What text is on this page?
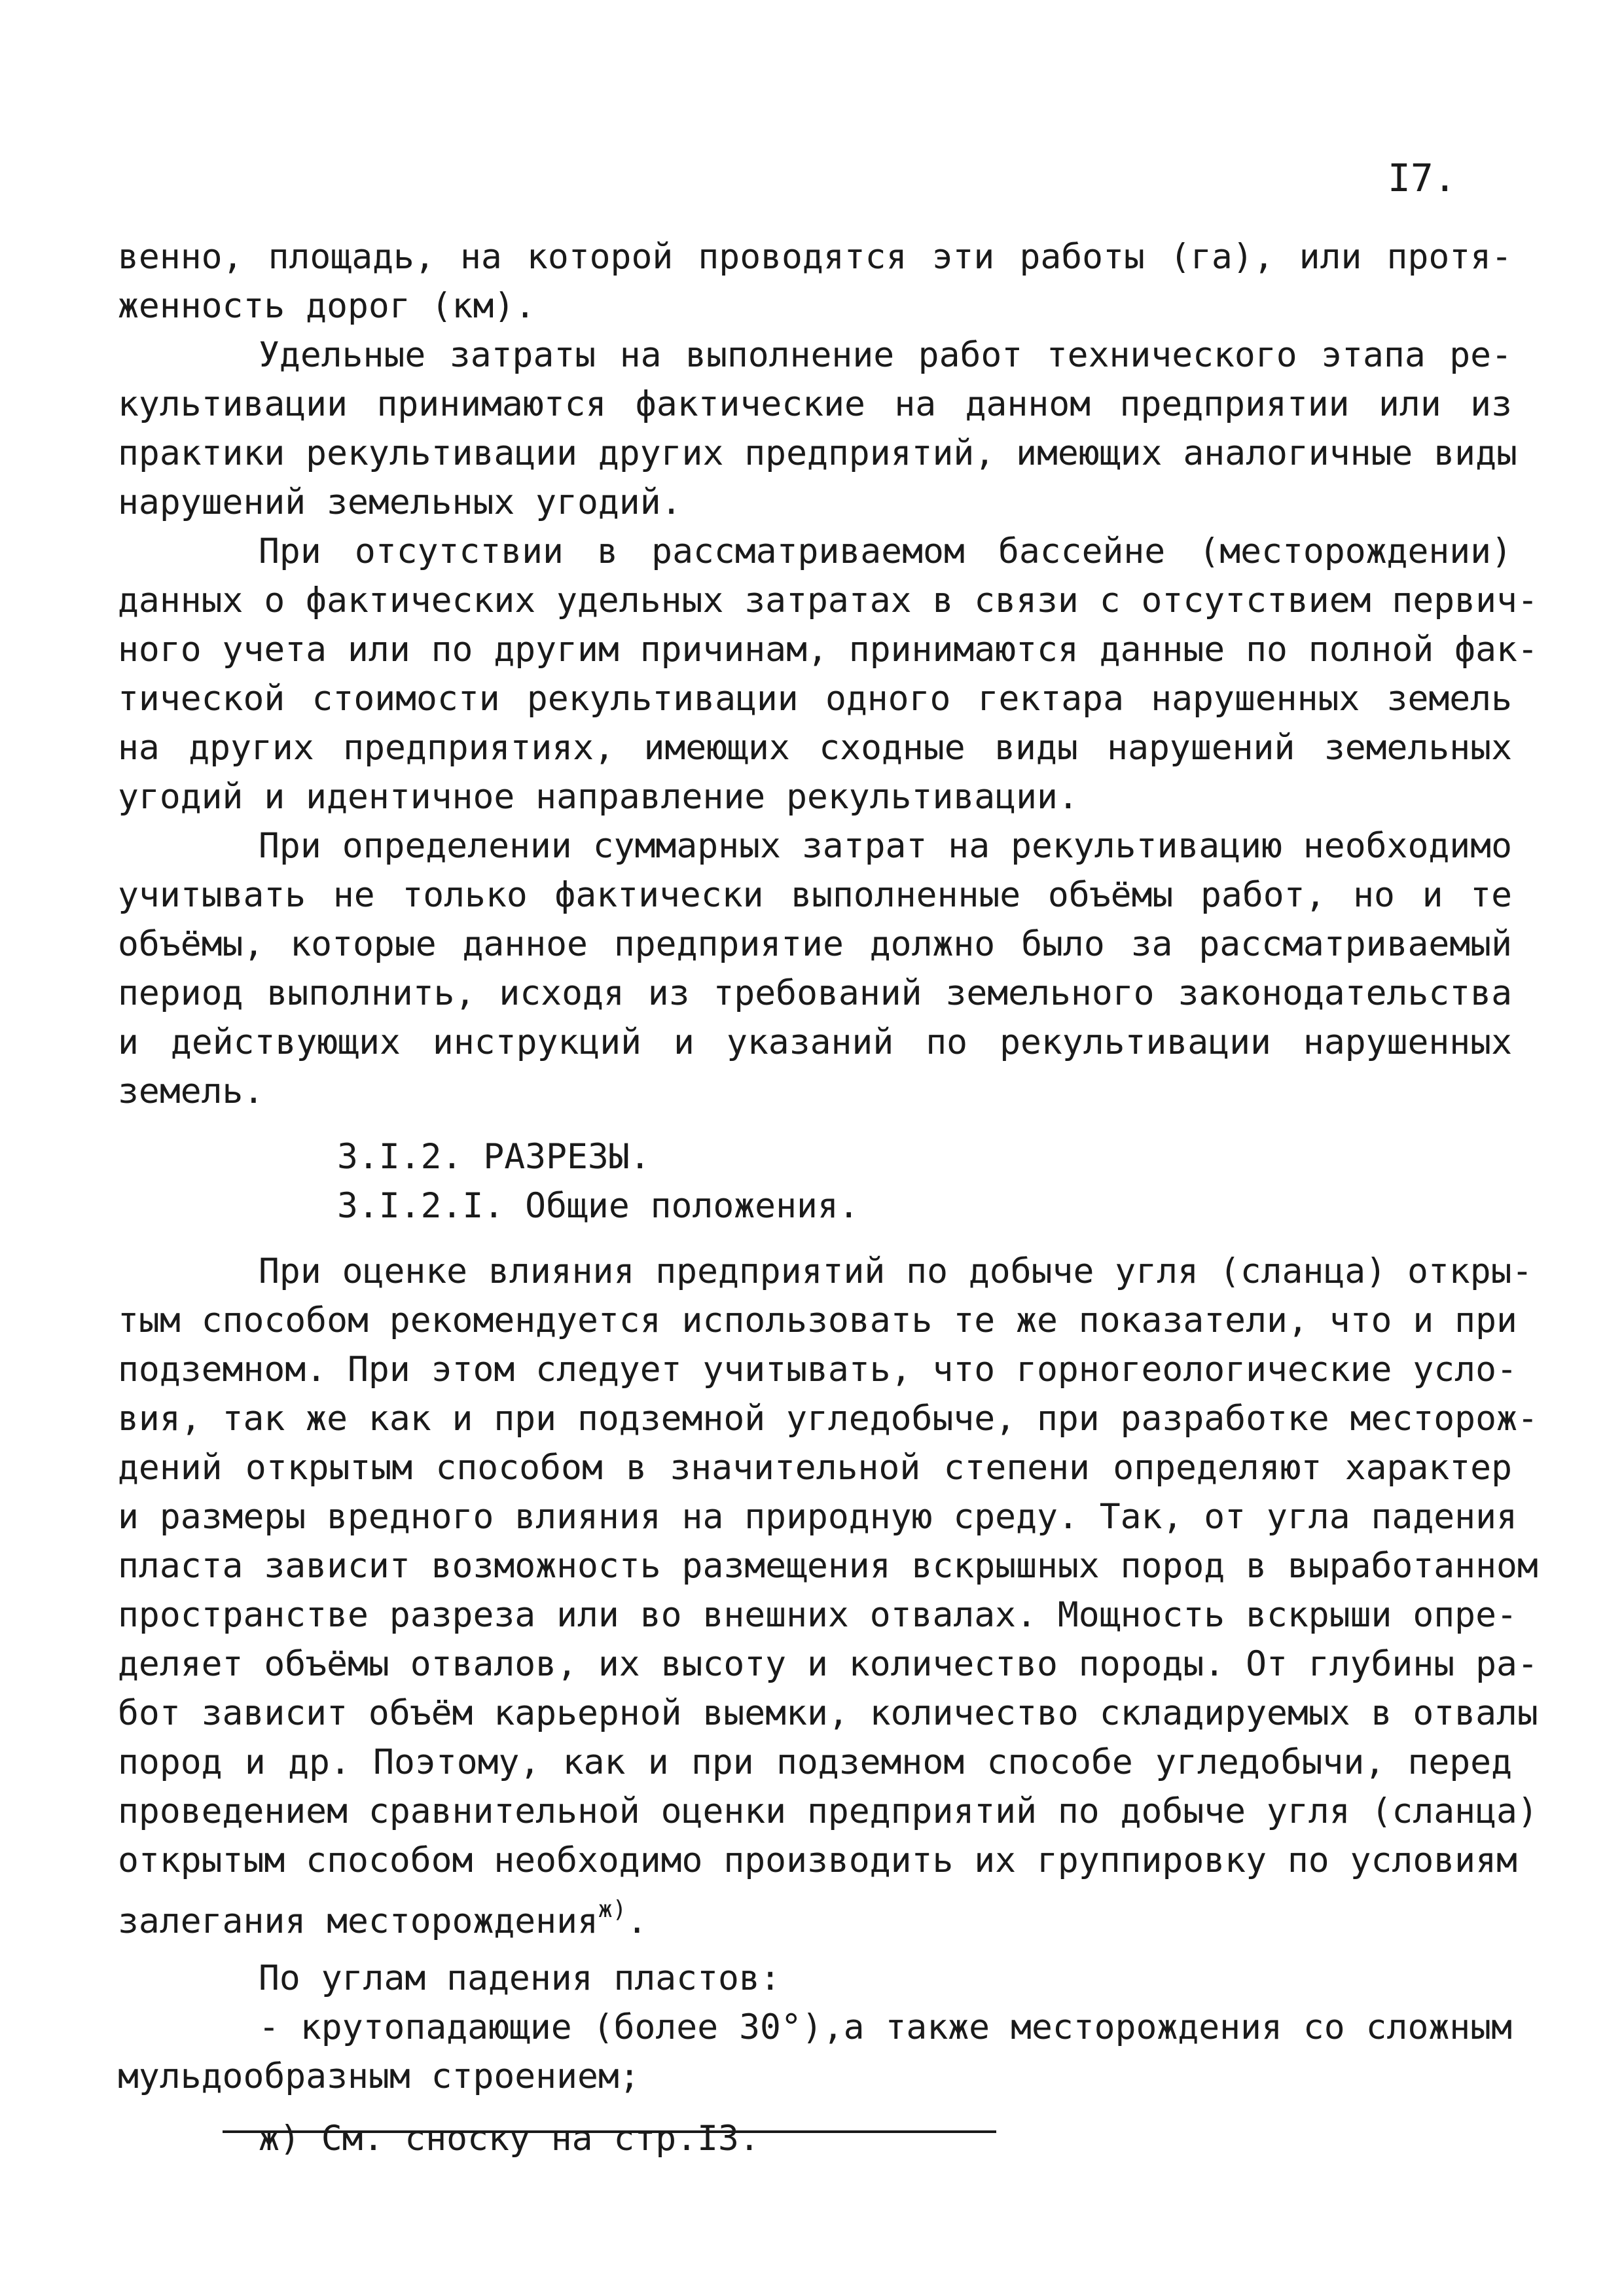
I7.
венно, площадь, на которой проводятся эти работы (га), или протя-
женность дорог (км).
Удельные затраты на выполнение работ технического этапа ре-
культивации принимаются фактические на данном предприятии или из
практики рекультивации других предприятий, имеющих аналогичные виды
нарушений земельных угодий.
При отсутствии в рассматриваемом бассейне (месторождении)
данных о фактических удельных затратах в связи с отсутствием первич-
ного учета или по другим причинам, принимаются данные по полной фак-
тической стоимости рекультивации одного гектара нарушенных земель
на других предприятиях, имеющих сходные виды нарушений земельных
угодий и идентичное направление рекультивации.
При определении суммарных затрат на рекультивацию необходимо
учитывать не только фактически выполненные объёмы работ, но и те
объёмы, которые данное предприятие должно было за рассматриваемый
период выполнить, исходя из требований земельного законодательства
и действующих инструкций и указаний по рекультивации нарушенных
земель.
3.I.2. РАЗРЕЗЫ.
3.I.2.I. Общие положения.
При оценке влияния предприятий по добыче угля (сланца) откры-
тым способом рекомендуется использовать те же показатели, что и при
подземном. При этом следует учитывать, что горногеологические усло-
вия, так же как и при подземной угледобыче, при разработке месторож-
дений открытым способом в значительной степени определяют характер
и размеры вредного влияния на природную среду. Так, от угла падения
пласта зависит возможность размещения вскрышных пород в выработанном
пространстве разреза или во внешних отвалах. Мощность вскрыши опре-
деляет объёмы отвалов, их высоту и количество породы. От глубины ра-
бот зависит объём карьерной выемки, количество складируемых в отвалы
пород и др. Поэтому, как и при подземном способе угледобычи, перед
проведением сравнительной оценки предприятий по добыче угля (сланца)
открытым способом необходимо производить их группировку по условиям
залегания месторождения$^{ж)}$.
По углам падения пластов:
- крутопадающие (более 30°),а также месторождения со сложным
мульдообразным строением;
ж) См. сноску на стр.I3.
